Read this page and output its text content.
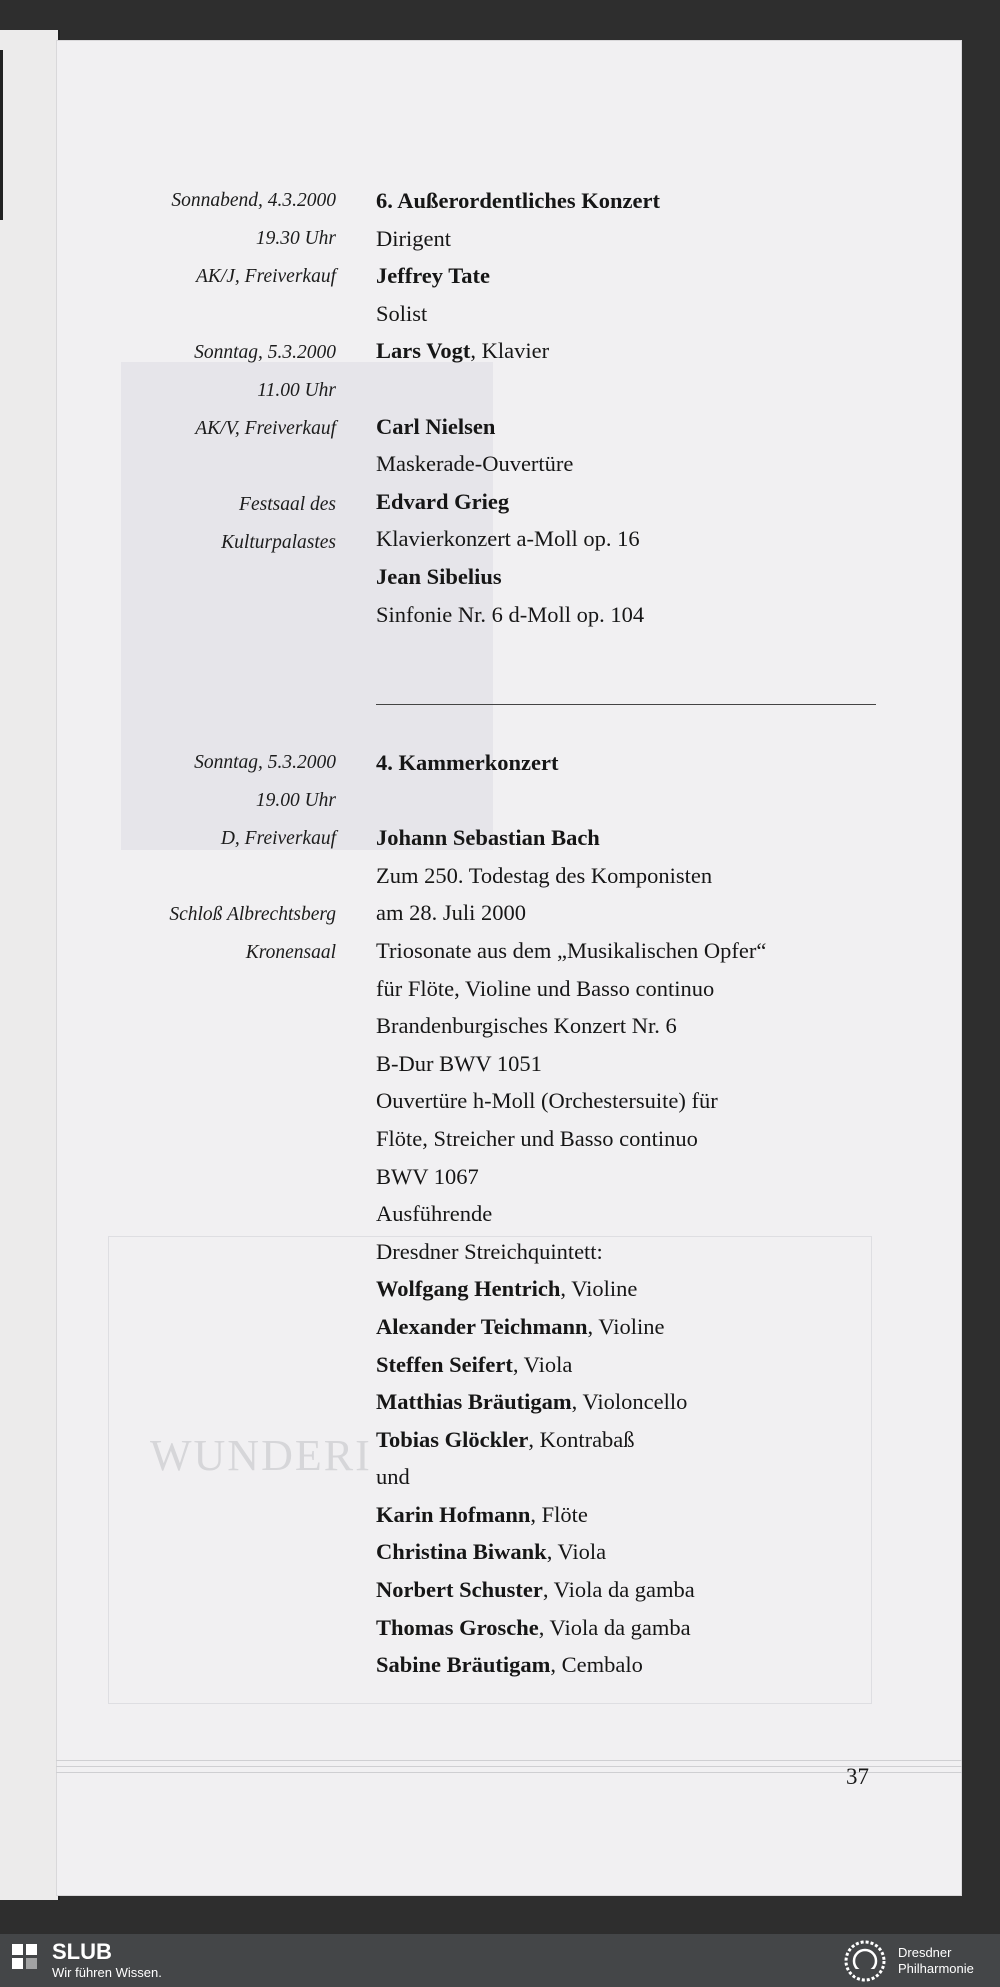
WUNDERI
Sonnabend, 4.3.2000
19.30 Uhr
AK/J, Freiverkauf
Sonntag, 5.3.2000
11.00 Uhr
AK/V, Freiverkauf
Festsaal des
Kulturpalastes
6. Außerordentliches Konzert
Dirigent
Jeffrey Tate
Solist
Lars Vogt, Klavier
Carl Nielsen
Maskerade-Ouvertüre
Edvard Grieg
Klavierkonzert a-Moll op. 16
Jean Sibelius
Sinfonie Nr. 6 d-Moll op. 104
Sonntag, 5.3.2000
19.00 Uhr
D, Freiverkauf
Schloß Albrechtsberg
Kronensaal
4. Kammerkonzert
Johann Sebastian Bach
Zum 250. Todestag des Komponisten
am 28. Juli 2000
Triosonate aus dem „Musikalischen Opfer“
für Flöte, Violine und Basso continuo
Brandenburgisches Konzert Nr. 6
B-Dur BWV 1051
Ouvertüre h-Moll (Orchestersuite) für
Flöte, Streicher und Basso continuo
BWV 1067
Ausführende
Dresdner Streichquintett:
Wolfgang Hentrich, Violine
Alexander Teichmann, Violine
Steffen Seifert, Viola
Matthias Bräutigam, Violoncello
Tobias Glöckler, Kontrabaß
und
Karin Hofmann, Flöte
Christina Biwank, Viola
Norbert Schuster, Viola da gamba
Thomas Grosche, Viola da gamba
Sabine Bräutigam, Cembalo
37
SLUB
Wir führen Wissen.
Dresdner
Philharmonie
